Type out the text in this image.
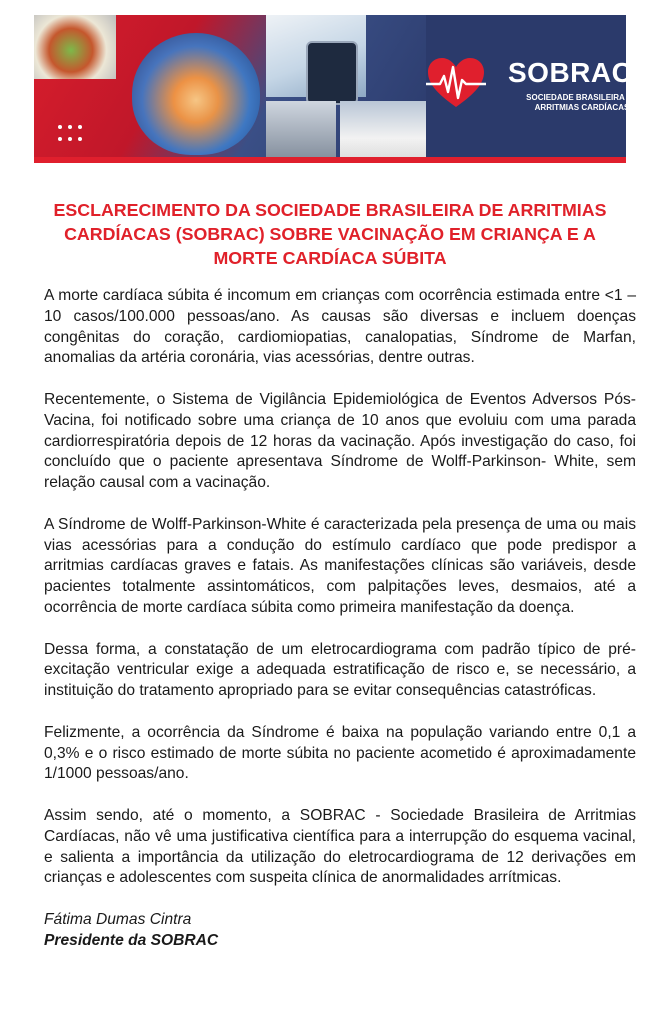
SOBRAC

SOCIEDADE BRASILEIRA DE
ARRITMIAS CARDÍACAS

ESCLARECIMENTO DA SOCIEDADE BRASILEIRA DE ARRITMIAS CARDÍACAS (SOBRAC) SOBRE VACINAÇÃO EM CRIANÇA E A MORTE CARDÍACA SÚBITA

A morte cardíaca súbita é incomum em crianças com ocorrência estimada entre <1 – 10 casos/100.000 pessoas/ano. As causas são diversas e incluem doenças congênitas do coração, cardiomiopatias, canalopatias, Síndrome de Marfan, anomalias da artéria coronária, vias acessórias, dentre outras.

Recentemente, o Sistema de Vigilância Epidemiológica de Eventos Adversos Pós-Vacina, foi notificado sobre uma criança de 10 anos que evoluiu com uma parada cardiorrespiratória depois de 12 horas da vacinação. Após investigação do caso, foi concluído que o paciente apresentava Síndrome de Wolff-Parkinson- White, sem relação causal com a vacinação.

A Síndrome de Wolff-Parkinson-White é caracterizada pela presença de uma ou mais vias acessórias para a condução do estímulo cardíaco que pode predispor a arritmias cardíacas graves e fatais. As manifestações clínicas são variáveis, desde pacientes totalmente assintomáticos, com palpitações leves, desmaios, até a ocorrência de morte cardíaca súbita como primeira manifestação da doença.

Dessa forma, a constatação de um eletrocardiograma com padrão típico de pré-excitação ventricular exige a adequada estratificação de risco e, se necessário, a instituição do tratamento apropriado para se evitar consequências catastróficas.

Felizmente, a ocorrência da Síndrome é baixa na população variando entre 0,1 a 0,3% e o risco estimado de morte súbita no paciente acometido é aproximadamente 1/1000 pessoas/ano.

Assim sendo, até o momento, a SOBRAC - Sociedade Brasileira de Arritmias Cardíacas, não vê uma justificativa científica para a interrupção do esquema vacinal, e salienta a importância da utilização do eletrocardiograma de 12 derivações em crianças e adolescentes com suspeita clínica de anormalidades arrítmicas.

Fátima Dumas Cintra
Presidente da SOBRAC
